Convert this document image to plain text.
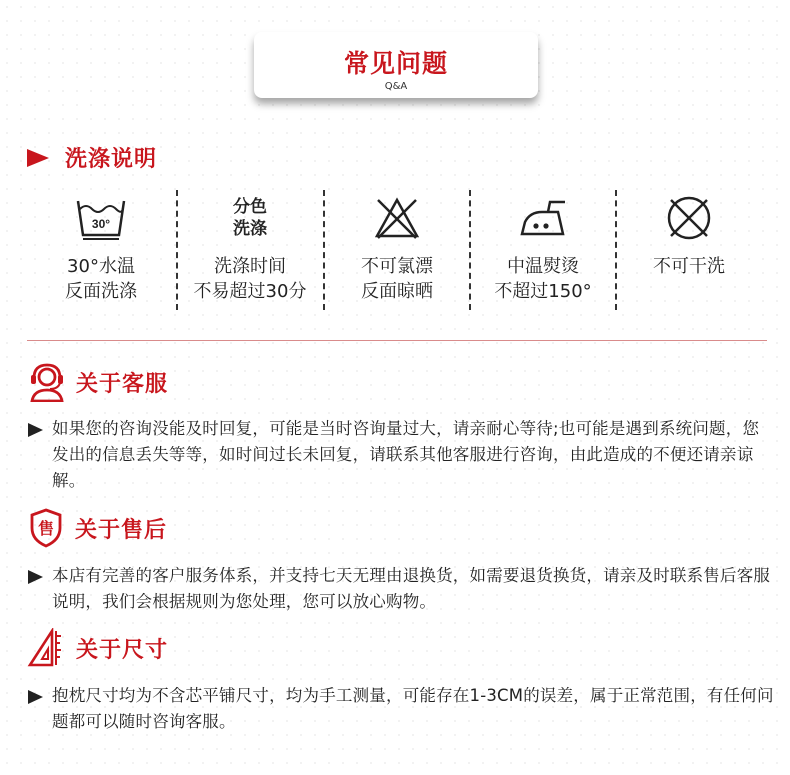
常见问题
Q&A
洗涤说明
30°
30°水温
反面洗涤
分色
洗涤
洗涤时间
不易超过30分
不可氯漂
反面晾晒
中温熨烫
不超过150°
不可干洗
关于客服
如果您的咨询没能及时回复，可能是当时咨询量过大，请亲耐心等待;也可能是遇到系统问题，您发出的信息丢失等等，如时间过长未回复，请联系其他客服进行咨询，由此造成的不便还请亲谅解。
售 关于售后
本店有完善的客户服务体系，并支持七天无理由退换货，如需要退货换货，请亲及时联系售后客服说明，我们会根据规则为您处理，您可以放心购物。
关于尺寸
抱枕尺寸均为不含芯平铺尺寸，均为手工测量，可能存在1-3CM的误差，属于正常范围，有任何问题都可以随时咨询客服。
